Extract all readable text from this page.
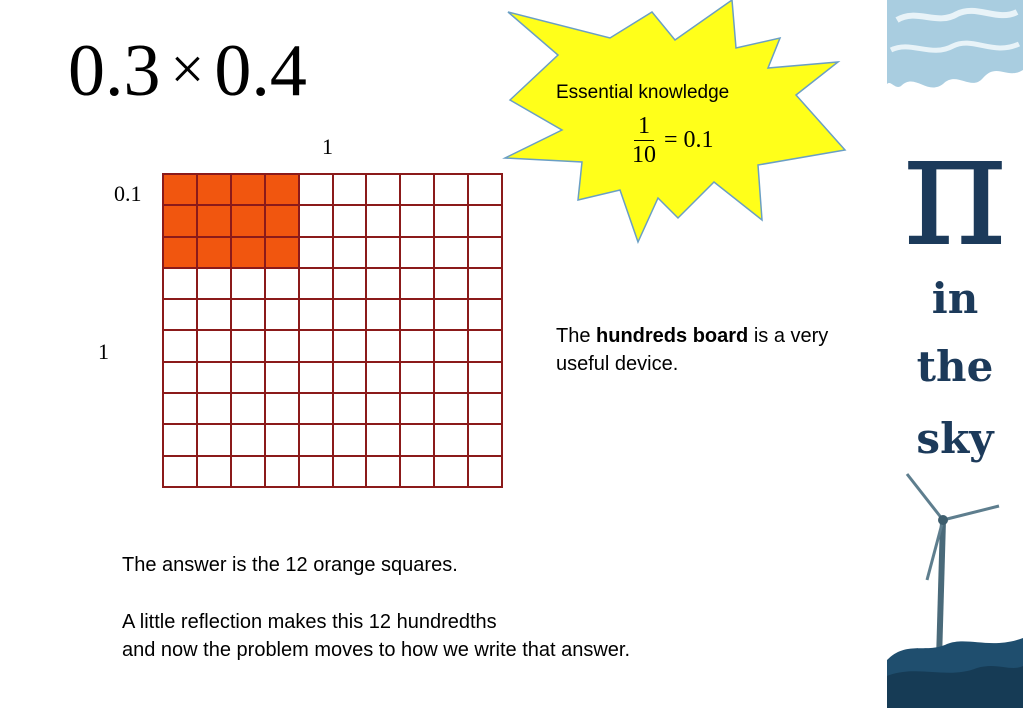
0.3 × 0.4
1
0.1
1
Essential knowledge
$\frac{1}{10} = 0.1$
The hundreds board is a very useful device.
The answer is the 12 orange squares.
A little reflection makes this 12 hundredths
and now the problem moves to how we write that answer.
π
in
the
sky
